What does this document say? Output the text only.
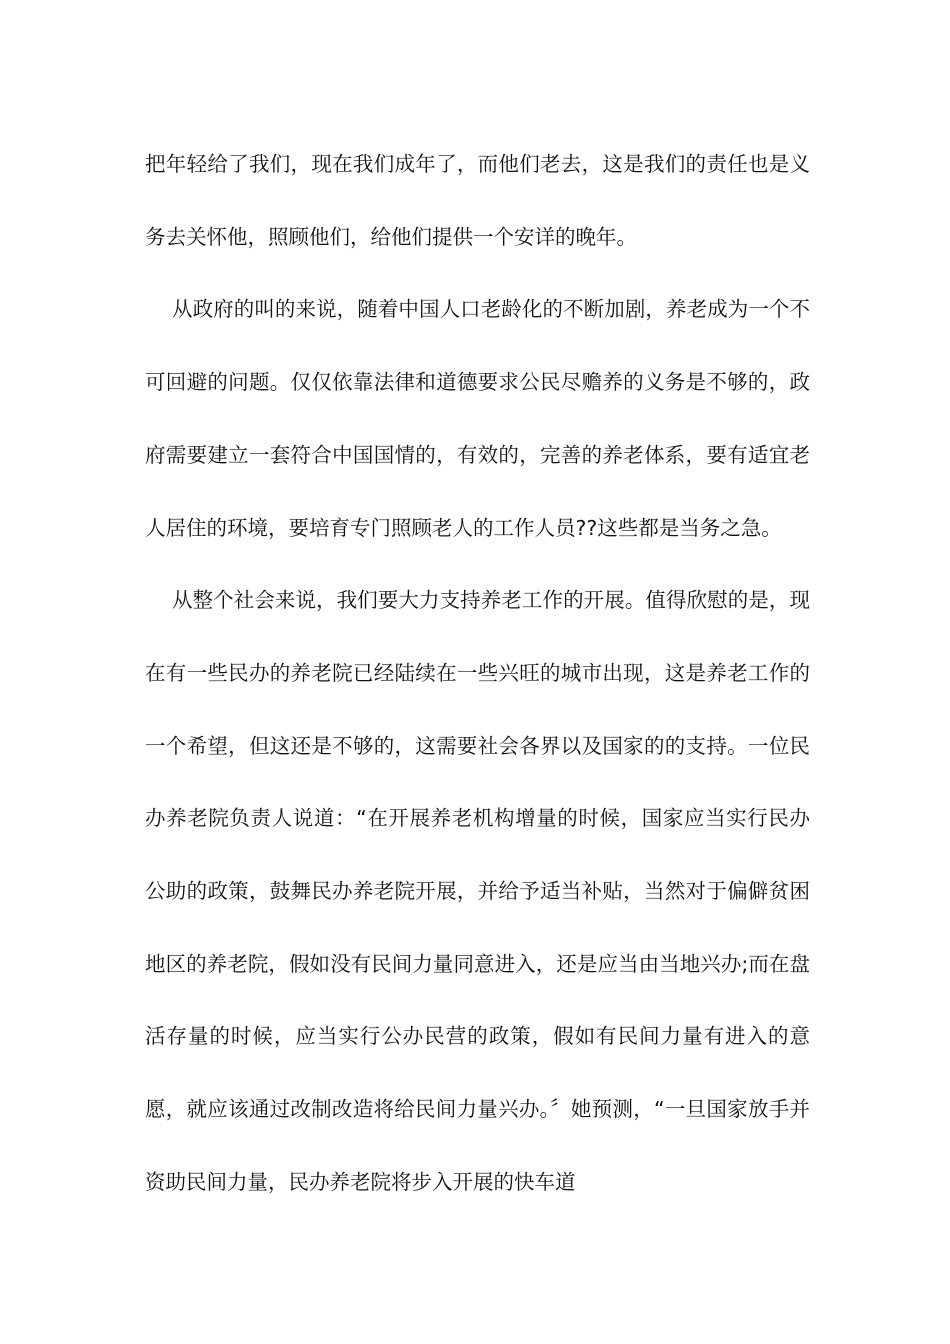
把年轻给了我们，现在我们成年了，而他们老去，这是我们的责任也是义务去关怀他，照顾他们，给他们提供一个安详的晚年。

从政府的叫的来说，随着中国人口老龄化的不断加剧，养老成为一个不可回避的问题。仅仅依靠法律和道德要求公民尽赡养的义务是不够的，政府需要建立一套符合中国国情的，有效的，完善的养老体系，要有适宜老人居住的环境，要培育专门照顾老人的工作人员??这些都是当务之急。

从整个社会来说，我们要大力支持养老工作的开展。值得欣慰的是，现在有一些民办的养老院已经陆续在一些兴旺的城市出现，这是养老工作的一个希望，但这还是不够的，这需要社会各界以及国家的的支持。一位民办养老院负责人说道：“在开展养老机构增量的时候，国家应当实行民办公助的政策，鼓舞民办养老院开展，并给予适当补贴，当然对于偏僻贫困地区的养老院，假如没有民间力量同意进入，还是应当由当地兴办;而在盘活存量的时候，应当实行公办民营的政策，假如有民间力量有进入的意愿，就应该通过改制改造将给民间力量兴办。〞她预测，“一旦国家放手并资助民间力量，民办养老院将步入开展的快车道
